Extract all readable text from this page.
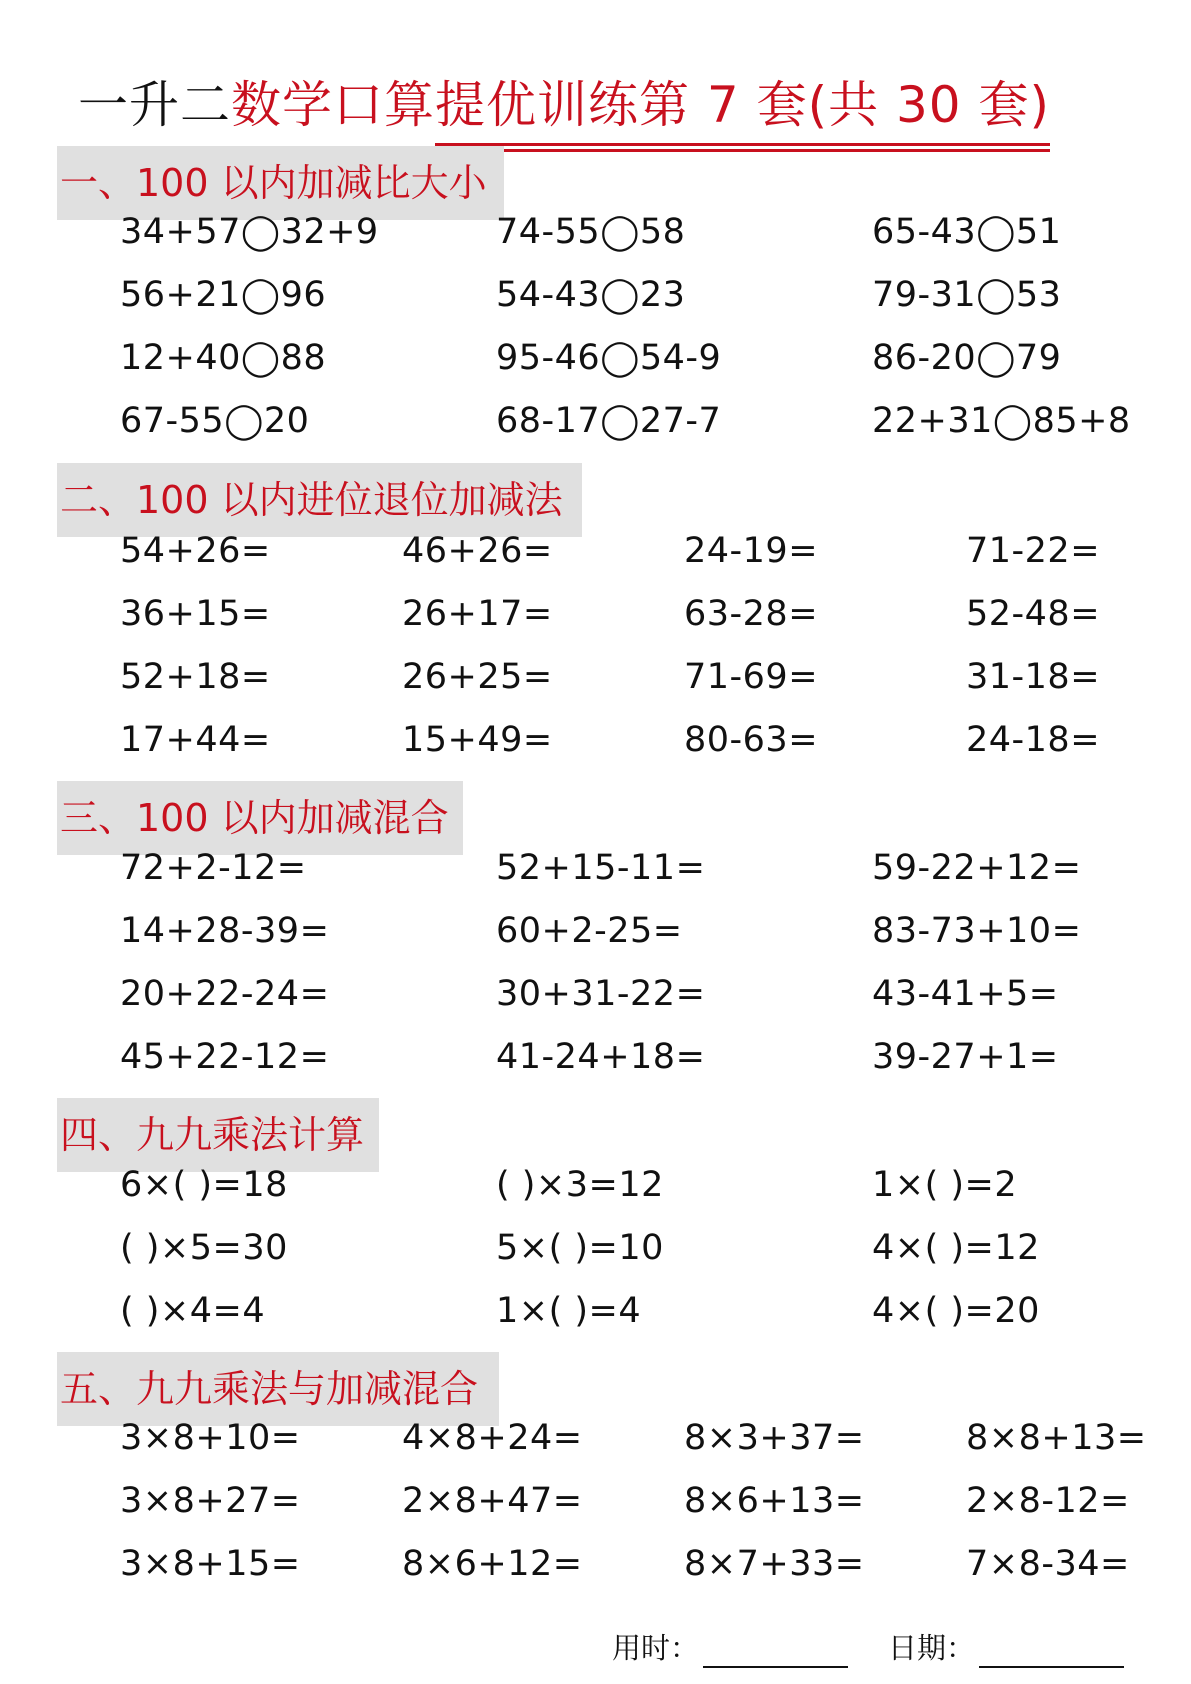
一升二数学口算提优训练第 7 套(共 30 套)
一、100 以内加减比大小
34+57◯32+9	74-55◯58	65-43◯51
56+21◯96	54-43◯23	79-31◯53
12+40◯88	95-46◯54-9	86-20◯79
67-55◯20	68-17◯27-7	22+31◯85+8
二、100 以内进位退位加减法
54+26=	46+26=	24-19=	71-22=
36+15=	26+17=	63-28=	52-48=
52+18=	26+25=	71-69=	31-18=
17+44=	15+49=	80-63=	24-18=
三、100 以内加减混合
72+2-12=	52+15-11=	59-22+12=
14+28-39=	60+2-25=	83-73+10=
20+22-24=	30+31-22=	43-41+5=
45+22-12=	41-24+18=	39-27+1=
四、九九乘法计算
6×( )=18	( )×3=12	1×( )=2
( )×5=30	5×( )=10	4×( )=12
( )×4=4	1×( )=4	4×( )=20
五、九九乘法与加减混合
3×8+10=	4×8+24=	8×3+37=	8×8+13=
3×8+27=	2×8+47=	8×6+13=	2×8-12=
3×8+15=	8×6+12=	8×7+33=	7×8-34=
用时：	日期：
